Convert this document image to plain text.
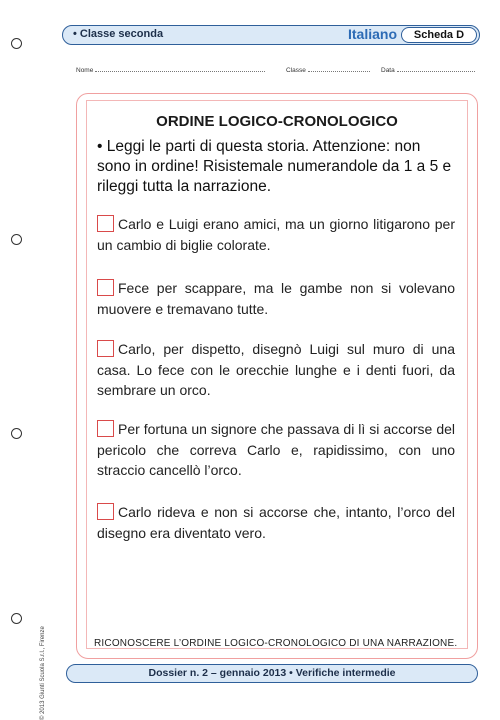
• Classe seconda	Italiano	Scheda D
Nome	Classe	Data
© 2013 Giunti Scuola S.r.l., Firenze
ORDINE LOGICO-CRONOLOGICO
• Leggi le parti di questa storia. Attenzione: non sono in ordine! Risistemale numerandole da 1 a 5 e rileggi tutta la narrazione.
Carlo e Luigi erano amici, ma un giorno litigarono per un cambio di biglie colorate.
Fece per scappare, ma le gambe non si volevano muovere e tremavano tutte.
Carlo, per dispetto, disegnò Luigi sul muro di una casa. Lo fece con le orecchie lunghe e i denti fuori, da sembrare un orco.
Per fortuna un signore che passava di lì si accorse del pericolo che correva Carlo e, rapidissimo, con uno straccio cancellò l’orco.
Carlo rideva e non si accorse che, intanto, l’orco del disegno era diventato vero.
RICONOSCERE L’ORDINE LOGICO-CRONOLOGICO DI UNA NARRAZIONE.
Dossier n. 2 – gennaio 2013 • Verifiche intermedie
